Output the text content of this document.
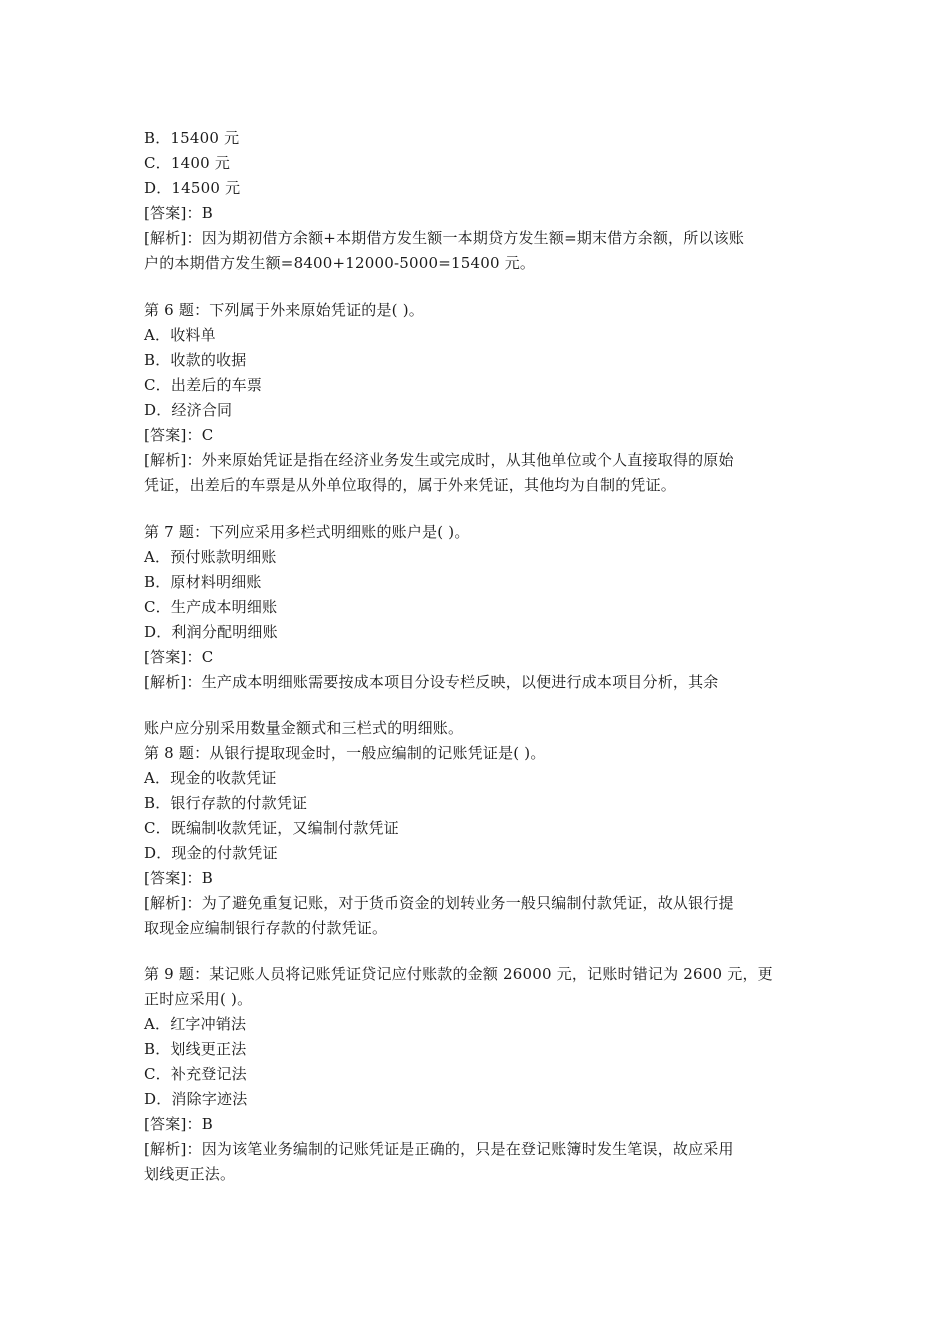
B．15400 元
C．1400 元
D．14500 元
[答案]：B
[解析]：因为期初借方余额+本期借方发生额一本期贷方发生额=期末借方余额，所以该账
户的本期借方发生额=8400+12000-5000=15400 元。
第 6 题：下列属于外来原始凭证的是( )。
A．收料单
B．收款的收据
C．出差后的车票
D．经济合同
[答案]：C
[解析]：外来原始凭证是指在经济业务发生或完成时，从其他单位或个人直接取得的原始
凭证，出差后的车票是从外单位取得的，属于外来凭证，其他均为自制的凭证。
第 7 题：下列应采用多栏式明细账的账户是( )。
A．预付账款明细账
B．原材料明细账
C．生产成本明细账
D．利润分配明细账
[答案]：C
[解析]：生产成本明细账需要按成本项目分设专栏反映，以便进行成本项目分析，其余
账户应分别采用数量金额式和三栏式的明细账。
第 8 题：从银行提取现金时，一般应编制的记账凭证是( )。
A．现金的收款凭证
B．银行存款的付款凭证
C．既编制收款凭证，又编制付款凭证
D．现金的付款凭证
[答案]：B
[解析]：为了避免重复记账，对于货币资金的划转业务一般只编制付款凭证，故从银行提
取现金应编制银行存款的付款凭证。
第 9 题：某记账人员将记账凭证贷记应付账款的金额 26000 元，记账时错记为 2600 元，更
正时应采用( )。
A．红字冲销法
B．划线更正法
C．补充登记法
D．消除字迹法
[答案]：B
[解析]：因为该笔业务编制的记账凭证是正确的，只是在登记账簿时发生笔误，故应采用
划线更正法。
